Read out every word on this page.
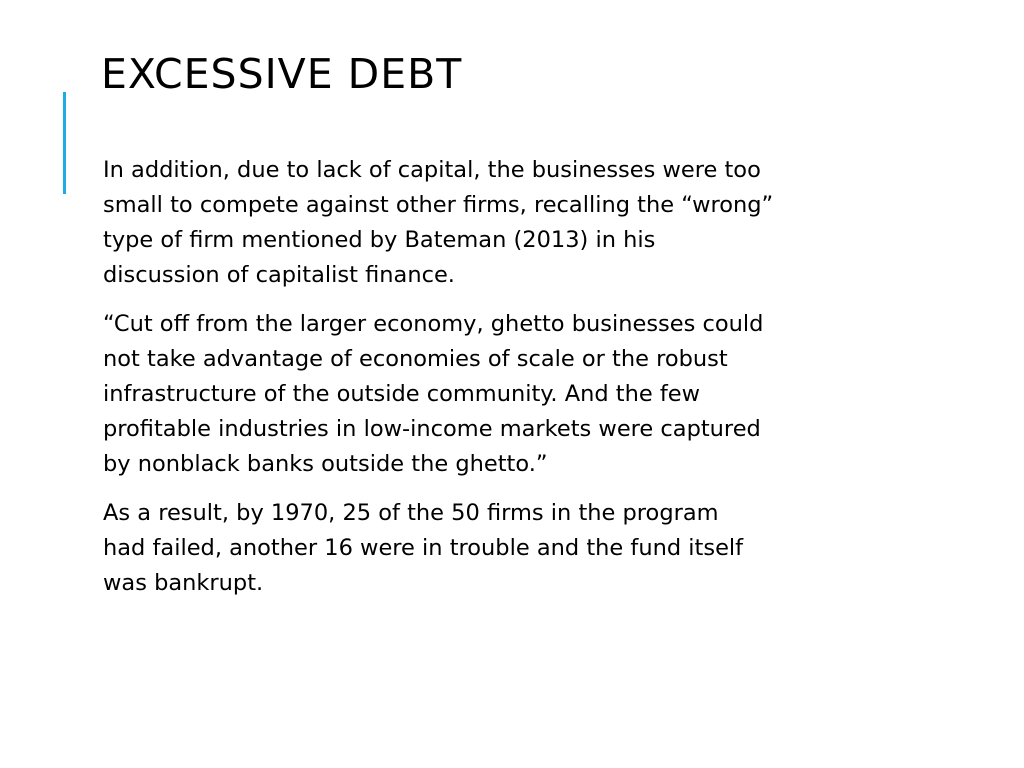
EXCESSIVE DEBT

In addition, due to lack of capital, the businesses were too
small to compete against other firms, recalling the “wrong”
type of firm mentioned by Bateman (2013) in his
discussion of capitalist finance.

“Cut off from the larger economy, ghetto businesses could
not take advantage of economies of scale or the robust
infrastructure of the outside community. And the few
profitable industries in low-income markets were captured
by nonblack banks outside the ghetto.”

As a result, by 1970, 25 of the 50 firms in the program
had failed, another 16 were in trouble and the fund itself
was bankrupt.
